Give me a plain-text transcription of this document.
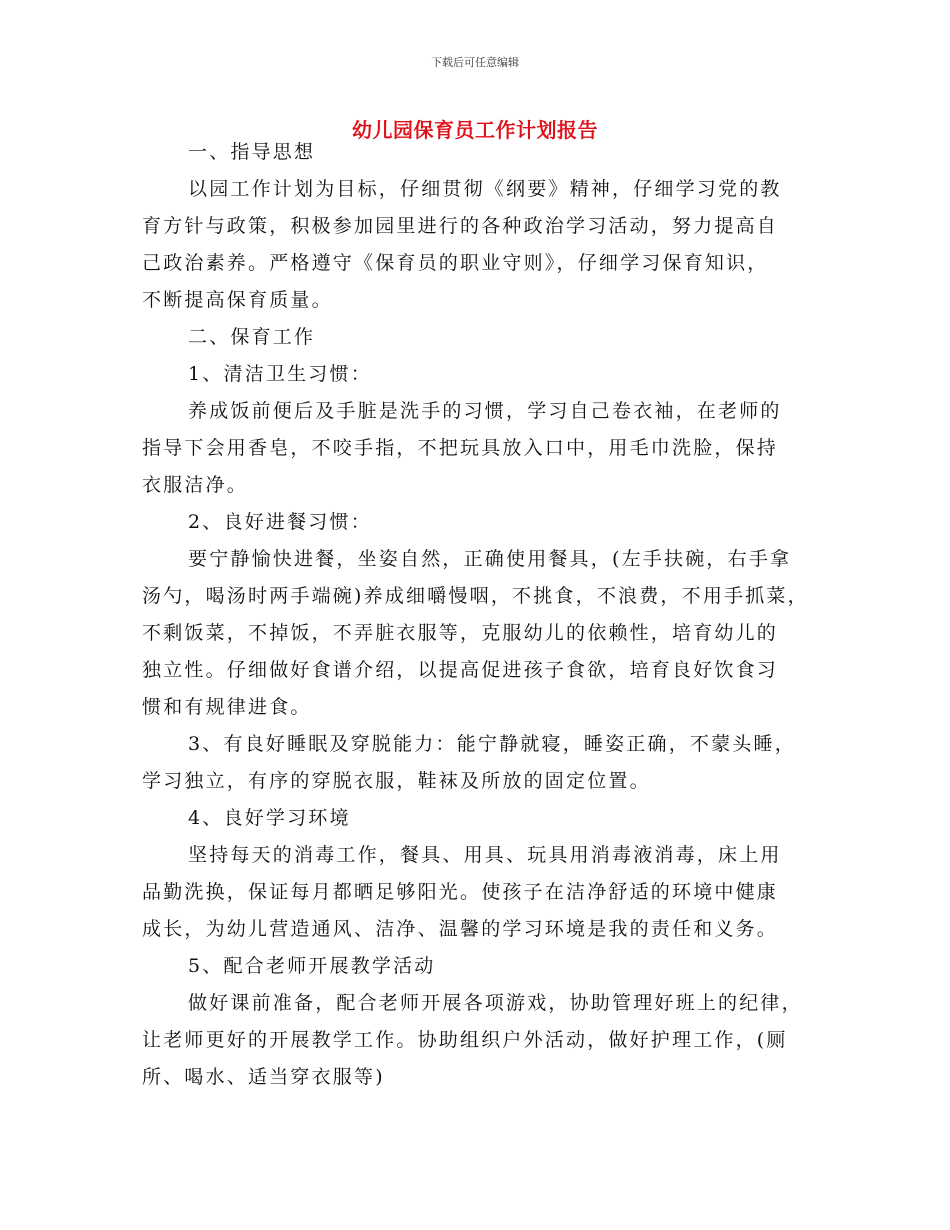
下载后可任意编辑
幼儿园保育员工作计划报告
一、指导思想
以园工作计划为目标，仔细贯彻《纲要》精神，仔细学习党的教
育方针与政策，积极参加园里进行的各种政治学习活动，努力提高自
己政治素养。严格遵守《保育员的职业守则》，仔细学习保育知识，
不断提高保育质量。
二、保育工作
1、清洁卫生习惯：
养成饭前便后及手脏是洗手的习惯，学习自己卷衣袖，在老师的
指导下会用香皂，不咬手指，不把玩具放入口中，用毛巾洗脸，保持
衣服洁净。
2、良好进餐习惯：
要宁静愉快进餐，坐姿自然，正确使用餐具，(左手扶碗，右手拿
汤勺，喝汤时两手端碗)养成细嚼慢咽，不挑食，不浪费，不用手抓菜，
不剩饭菜，不掉饭，不弄脏衣服等，克服幼儿的依赖性，培育幼儿的
独立性。仔细做好食谱介绍，以提高促进孩子食欲，培育良好饮食习
惯和有规律进食。
3、有良好睡眠及穿脱能力：能宁静就寝，睡姿正确，不蒙头睡，
学习独立，有序的穿脱衣服，鞋袜及所放的固定位置。
4、良好学习环境
坚持每天的消毒工作，餐具、用具、玩具用消毒液消毒，床上用
品勤洗换，保证每月都晒足够阳光。使孩子在洁净舒适的环境中健康
成长，为幼儿营造通风、洁净、温馨的学习环境是我的责任和义务。
5、配合老师开展教学活动
做好课前准备，配合老师开展各项游戏，协助管理好班上的纪律，
让老师更好的开展教学工作。协助组织户外活动，做好护理工作，(厕
所、喝水、适当穿衣服等)
